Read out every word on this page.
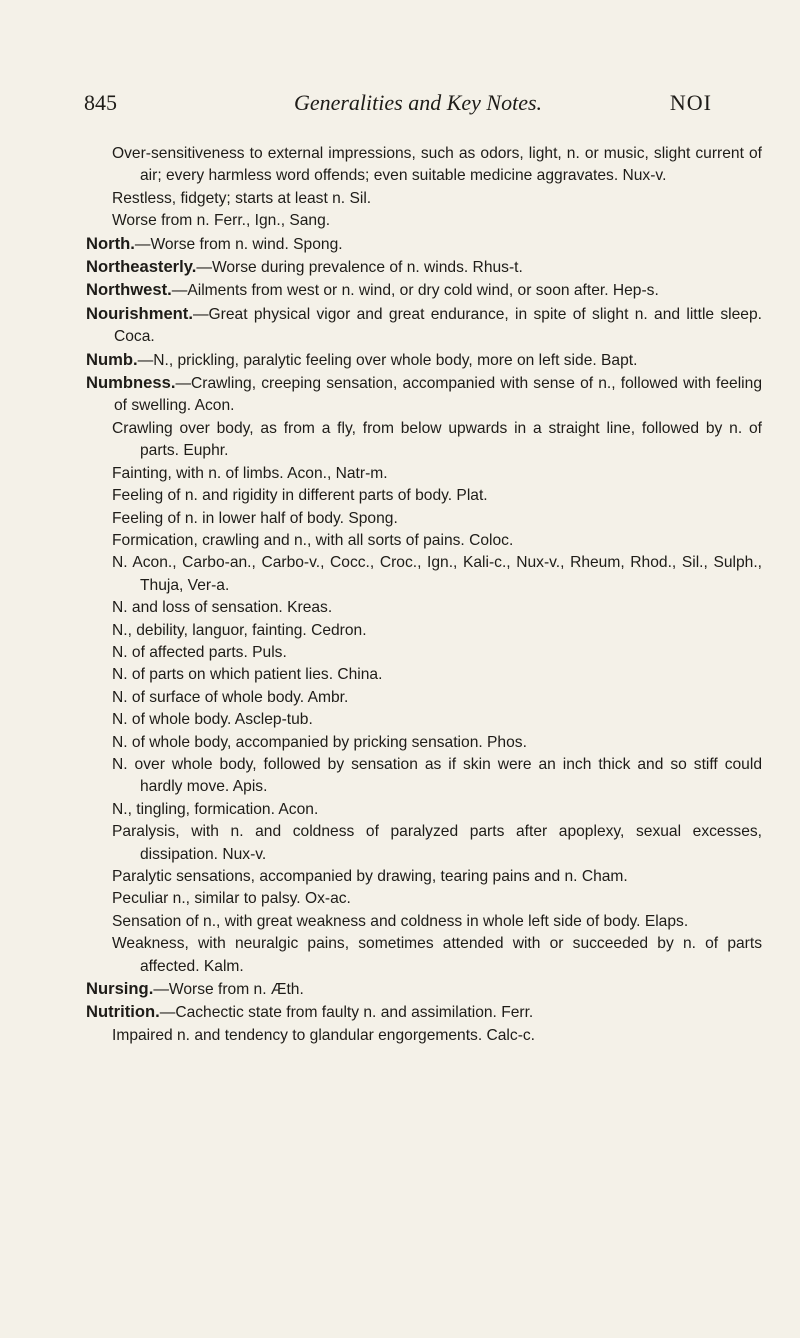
845	Generalities and Key Notes.	NOI

Over-sensitiveness to external impressions, such as odors, light, n. or music, slight current of air; every harmless word offends; even suitable medicine aggravates. Nux-v.

Restless, fidgety; starts at least n. Sil.

Worse from n. Ferr., Ign., Sang.

North.—Worse from n. wind. Spong.

Northeasterly.—Worse during prevalence of n. winds. Rhus-t.

Northwest.—Ailments from west or n. wind, or dry cold wind, or soon after. Hep-s.

Nourishment.—Great physical vigor and great endurance, in spite of slight n. and little sleep. Coca.

Numb.—N., prickling, paralytic feeling over whole body, more on left side. Bapt.

Numbness.—Crawling, creeping sensation, accompanied with sense of n., followed with feeling of swelling. Acon.

Crawling over body, as from a fly, from below upwards in a straight line, followed by n. of parts. Euphr.

Fainting, with n. of limbs. Acon., Natr-m.

Feeling of n. and rigidity in different parts of body. Plat.

Feeling of n. in lower half of body. Spong.

Formication, crawling and n., with all sorts of pains. Coloc.

N. Acon., Carbo-an., Carbo-v., Cocc., Croc., Ign., Kali-c., Nux-v., Rheum, Rhod., Sil., Sulph., Thuja, Ver-a.

N. and loss of sensation. Kreas.

N., debility, languor, fainting. Cedron.

N. of affected parts. Puls.

N. of parts on which patient lies. China.

N. of surface of whole body. Ambr.

N. of whole body. Asclep-tub.

N. of whole body, accompanied by pricking sensation. Phos.

N. over whole body, followed by sensation as if skin were an inch thick and so stiff could hardly move. Apis.

N., tingling, formication. Acon.

Paralysis, with n. and coldness of paralyzed parts after apoplexy, sexual excesses, dissipation. Nux-v.

Paralytic sensations, accompanied by drawing, tearing pains and n. Cham.

Peculiar n., similar to palsy. Ox-ac.

Sensation of n., with great weakness and coldness in whole left side of body. Elaps.

Weakness, with neuralgic pains, sometimes attended with or succeeded by n. of parts affected. Kalm.

Nursing.—Worse from n. Æth.

Nutrition.—Cachectic state from faulty n. and assimilation. Ferr.

Impaired n. and tendency to glandular engorgements. Calc-c.
